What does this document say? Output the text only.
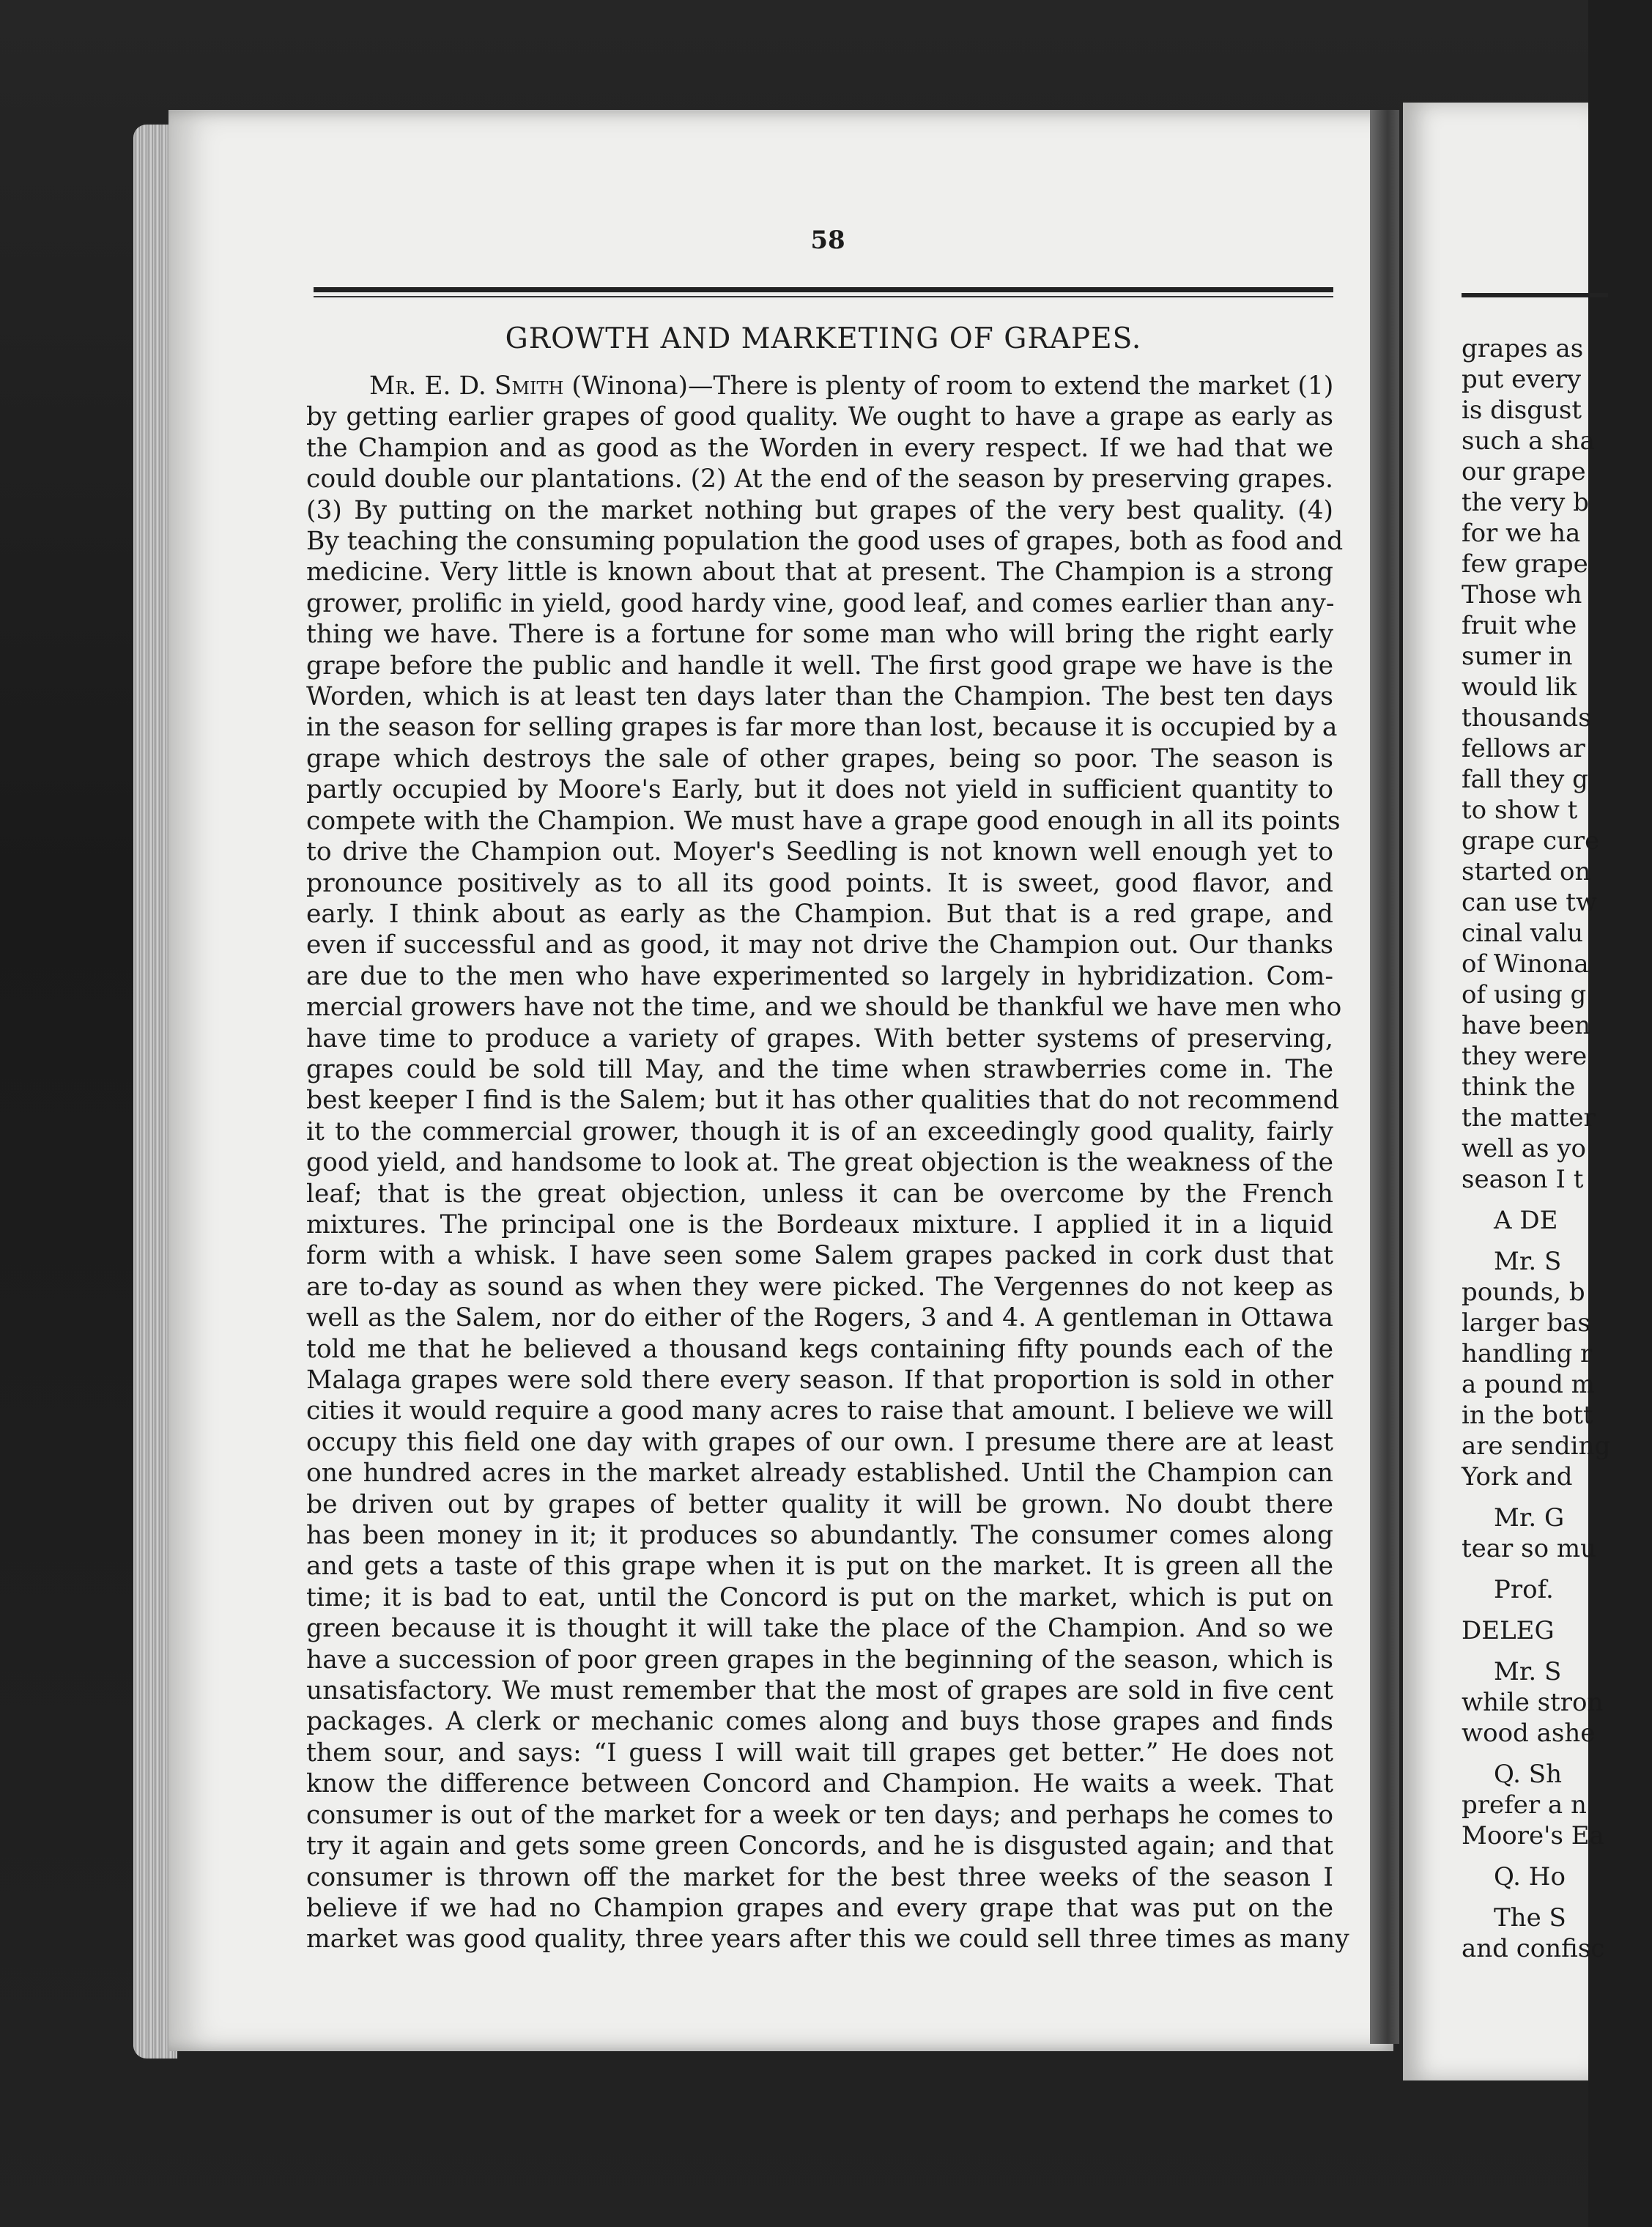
58
GROWTH AND MARKETING OF GRAPES.
Mr. E. D. Smith (Winona)—There is plenty of room to extend the market (1)
by getting earlier grapes of good quality. We ought to have a grape as early as
the Champion and as good as the Worden in every respect. If we had that we
could double our plantations. (2) At the end of the season by preserving grapes.
(3) By putting on the market nothing but grapes of the very best quality. (4)
By teaching the consuming population the good uses of grapes, both as food and
medicine. Very little is known about that at present. The Champion is a strong
grower, prolific in yield, good hardy vine, good leaf, and comes earlier than any-
thing we have. There is a fortune for some man who will bring the right early
grape before the public and handle it well. The first good grape we have is the
Worden, which is at least ten days later than the Champion. The best ten days
in the season for selling grapes is far more than lost, because it is occupied by a
grape which destroys the sale of other grapes, being so poor. The season is
partly occupied by Moore's Early, but it does not yield in sufficient quantity to
compete with the Champion. We must have a grape good enough in all its points
to drive the Champion out. Moyer's Seedling is not known well enough yet to
pronounce positively as to all its good points. It is sweet, good flavor, and
early. I think about as early as the Champion. But that is a red grape, and
even if successful and as good, it may not drive the Champion out. Our thanks
are due to the men who have experimented so largely in hybridization. Com-
mercial growers have not the time, and we should be thankful we have men who
have time to produce a variety of grapes. With better systems of preserving,
grapes could be sold till May, and the time when strawberries come in. The
best keeper I find is the Salem; but it has other qualities that do not recommend
it to the commercial grower, though it is of an exceedingly good quality, fairly
good yield, and handsome to look at. The great objection is the weakness of the
leaf; that is the great objection, unless it can be overcome by the French
mixtures. The principal one is the Bordeaux mixture. I applied it in a liquid
form with a whisk. I have seen some Salem grapes packed in cork dust that
are to-day as sound as when they were picked. The Vergennes do not keep as
well as the Salem, nor do either of the Rogers, 3 and 4. A gentleman in Ottawa
told me that he believed a thousand kegs containing fifty pounds each of the
Malaga grapes were sold there every season. If that proportion is sold in other
cities it would require a good many acres to raise that amount. I believe we will
occupy this field one day with grapes of our own. I presume there are at least
one hundred acres in the market already established. Until the Champion can
be driven out by grapes of better quality it will be grown. No doubt there
has been money in it; it produces so abundantly. The consumer comes along
and gets a taste of this grape when it is put on the market. It is green all the
time; it is bad to eat, until the Concord is put on the market, which is put on
green because it is thought it will take the place of the Champion. And so we
have a succession of poor green grapes in the beginning of the season, which is
unsatisfactory. We must remember that the most of grapes are sold in five cent
packages. A clerk or mechanic comes along and buys those grapes and finds
them sour, and says: “I guess I will wait till grapes get better.” He does not
know the difference between Concord and Champion. He waits a week. That
consumer is out of the market for a week or ten days; and perhaps he comes to
try it again and gets some green Concords, and he is disgusted again; and that
consumer is thrown off the market for the best three weeks of the season I
believe if we had no Champion grapes and every grape that was put on the
market was good quality, three years after this we could sell three times as many
grapes as
put every
is disgust
such a sha
our grape
the very b
for we ha
few grape
Those wh
fruit whe
sumer in
would lik
thousands
fellows ar
fall they g
to show t
grape cure
started on
can use tw
cinal valu
of Winona
of using g
have been
they were
think the
the matter
well as yo
season I t
A DE
Mr. S
pounds, b
larger bas
handling r
a pound m
in the bott
are sending
York and
Mr. G
tear so mu
Prof.
DELEG
Mr. S
while stron
wood ashe
Q. Sh
prefer a n
Moore's Ea
Q. Ho
The S
and confisc
